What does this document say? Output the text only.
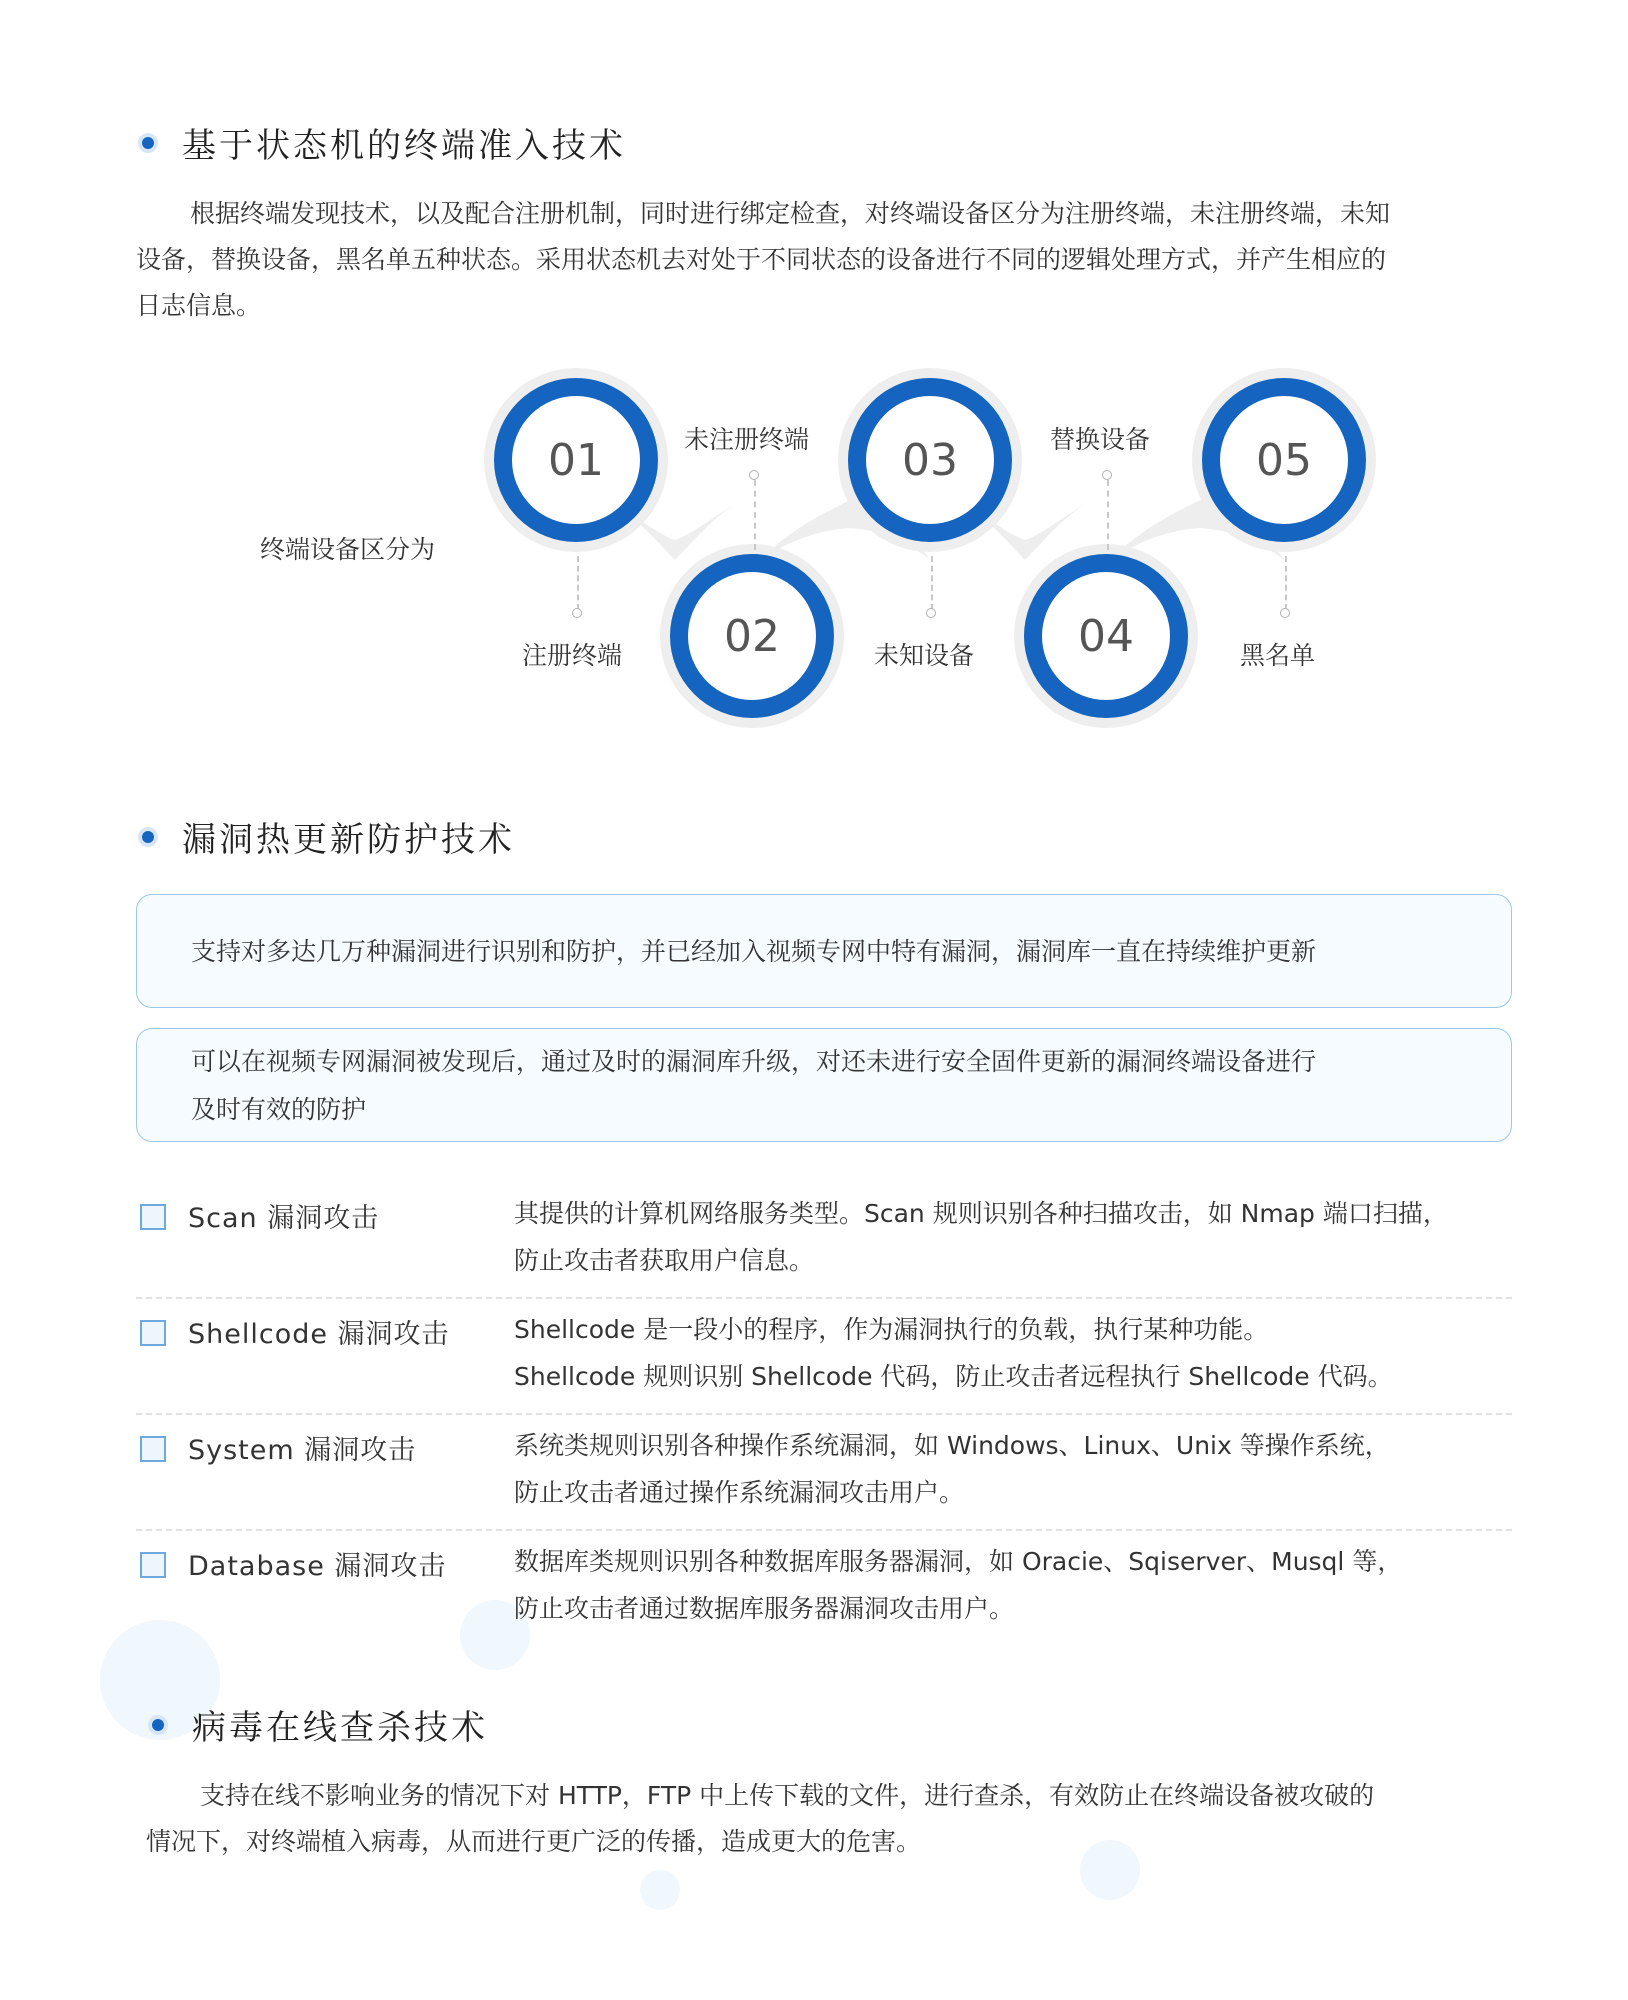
基于状态机的终端准入技术

根据终端发现技术，以及配合注册机制，同时进行绑定检查，对终端设备区分为注册终端，未注册终端，未知
设备，替换设备，黑名单五种状态。采用状态机去对处于不同状态的设备进行不同的逻辑处理方式，并产生相应的
日志信息。

01
02
03
04
05
终端设备区分为
注册终端
未注册终端
未知设备
替换设备
黑名单
漏洞热更新防护技术
支持对多达几万种漏洞进行识别和防护，并已经加入视频专网中特有漏洞，漏洞库一直在持续维护更新
可以在视频专网漏洞被发现后，通过及时的漏洞库升级，对还未进行安全固件更新的漏洞终端设备进行
及时有效的防护
Scan 漏洞攻击	其提供的计算机网络服务类型。Scan 规则识别各种扫描攻击，如 Nmap 端口扫描，
防止攻击者获取用户信息。
Shellcode 漏洞攻击	Shellcode 是一段小的程序，作为漏洞执行的负载，执行某种功能。
Shellcode 规则识别 Shellcode 代码，防止攻击者远程执行 Shellcode 代码。
System 漏洞攻击	系统类规则识别各种操作系统漏洞，如 Windows、Linux、Unix 等操作系统，
防止攻击者通过操作系统漏洞攻击用户。
Database 漏洞攻击	数据库类规则识别各种数据库服务器漏洞，如 Oracie、Sqiserver、Musql 等，
防止攻击者通过数据库服务器漏洞攻击用户。
病毒在线查杀技术

支持在线不影响业务的情况下对 HTTP，FTP 中上传下载的文件，进行查杀，有效防止在终端设备被攻破的
情况下，对终端植入病毒，从而进行更广泛的传播，造成更大的危害。
